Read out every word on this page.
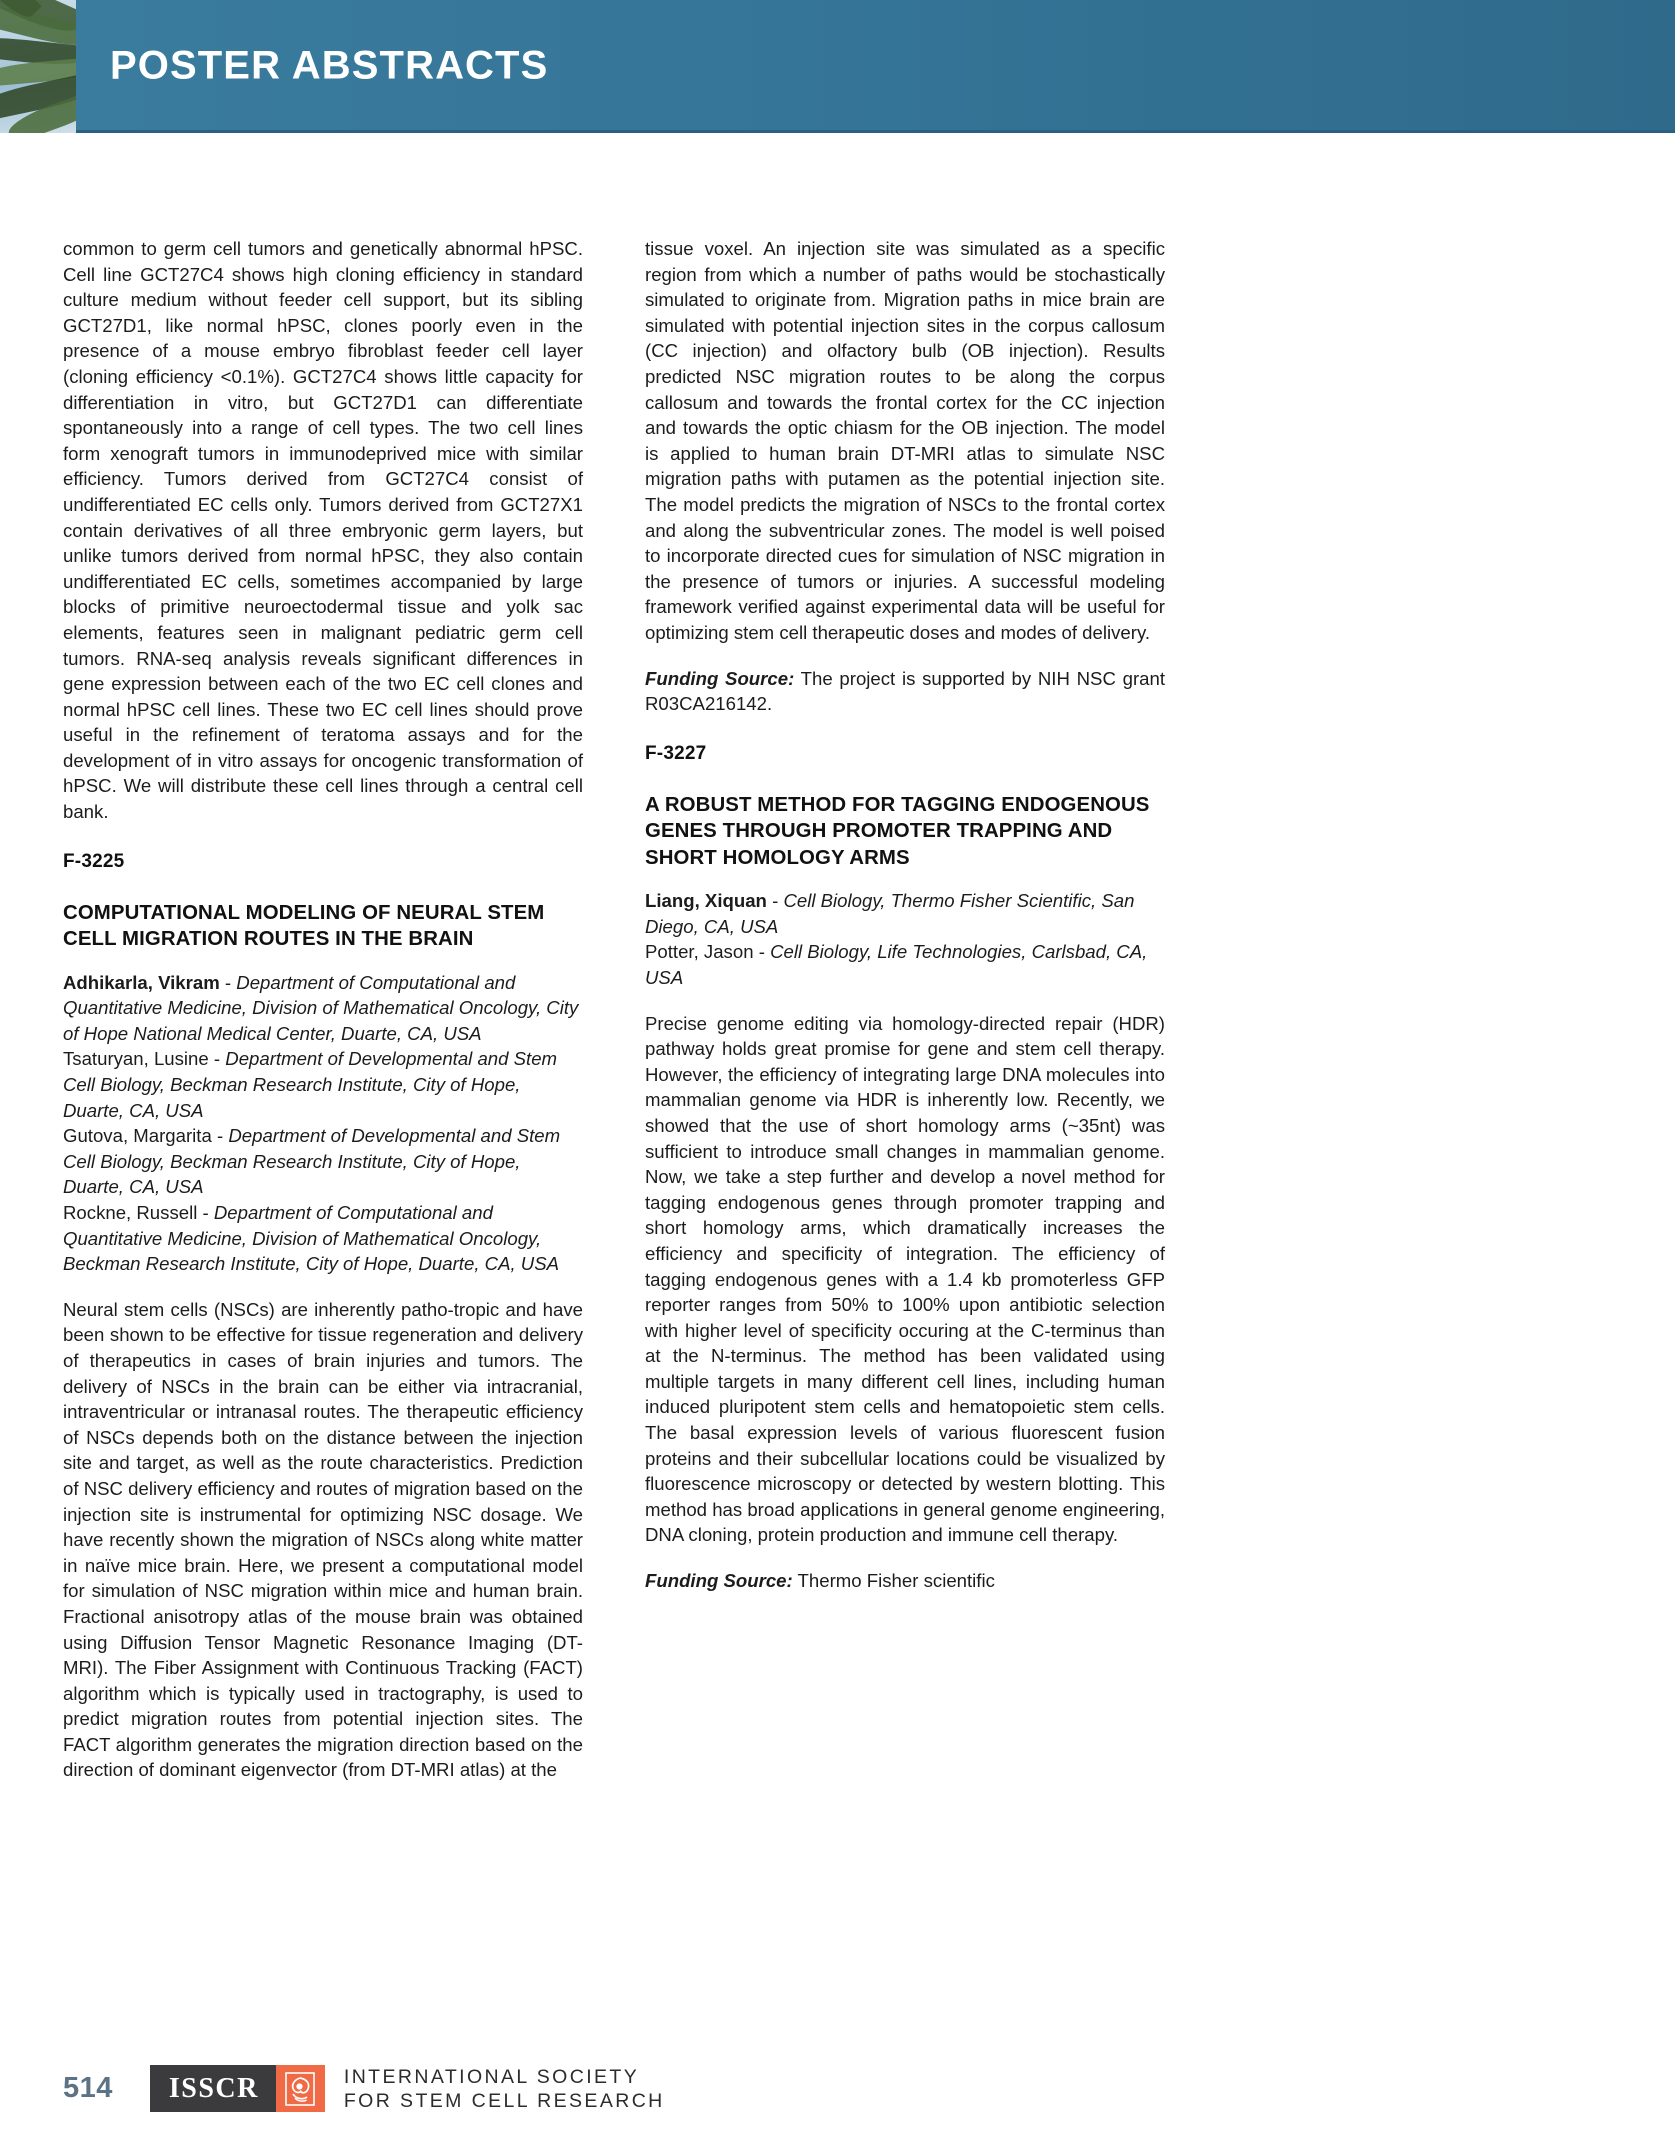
POSTER ABSTRACTS

common to germ cell tumors and genetically abnormal hPSC. Cell line GCT27C4 shows high cloning efficiency in standard culture medium without feeder cell support, but its sibling GCT27D1, like normal hPSC, clones poorly even in the presence of a mouse embryo fibroblast feeder cell layer (cloning efficiency <0.1%). GCT27C4 shows little capacity for differentiation in vitro, but GCT27D1 can differentiate spontaneously into a range of cell types. The two cell lines form xenograft tumors in immunodeprived mice with similar efficiency. Tumors derived from GCT27C4 consist of undifferentiated EC cells only. Tumors derived from GCT27X1 contain derivatives of all three embryonic germ layers, but unlike tumors derived from normal hPSC, they also contain undifferentiated EC cells, sometimes accompanied by large blocks of primitive neuroectodermal tissue and yolk sac elements, features seen in malignant pediatric germ cell tumors. RNA-seq analysis reveals significant differences in gene expression between each of the two EC cell clones and normal hPSC cell lines. These two EC cell lines should prove useful in the refinement of teratoma assays and for the development of in vitro assays for oncogenic transformation of hPSC. We will distribute these cell lines through a central cell bank.

F-3225
COMPUTATIONAL MODELING OF NEURAL STEM CELL MIGRATION ROUTES IN THE BRAIN
Adhikarla, Vikram - Department of Computational and Quantitative Medicine, Division of Mathematical Oncology, City of Hope National Medical Center, Duarte, CA, USA
Tsaturyan, Lusine - Department of Developmental and Stem Cell Biology, Beckman Research Institute, City of Hope, Duarte, CA, USA
Gutova, Margarita - Department of Developmental and Stem Cell Biology, Beckman Research Institute, City of Hope, Duarte, CA, USA
Rockne, Russell - Department of Computational and Quantitative Medicine, Division of Mathematical Oncology, Beckman Research Institute, City of Hope, Duarte, CA, USA

Neural stem cells (NSCs) are inherently patho-tropic and have been shown to be effective for tissue regeneration and delivery of therapeutics in cases of brain injuries and tumors. The delivery of NSCs in the brain can be either via intracranial, intraventricular or intranasal routes. The therapeutic efficiency of NSCs depends both on the distance between the injection site and target, as well as the route characteristics. Prediction of NSC delivery efficiency and routes of migration based on the injection site is instrumental for optimizing NSC dosage. We have recently shown the migration of NSCs along white matter in naïve mice brain. Here, we present a computational model for simulation of NSC migration within mice and human brain. Fractional anisotropy atlas of the mouse brain was obtained using Diffusion Tensor Magnetic Resonance Imaging (DT-MRI). The Fiber Assignment with Continuous Tracking (FACT) algorithm which is typically used in tractography, is used to predict migration routes from potential injection sites. The FACT algorithm generates the migration direction based on the direction of dominant eigenvector (from DT-MRI atlas) at the

tissue voxel. An injection site was simulated as a specific region from which a number of paths would be stochastically simulated to originate from. Migration paths in mice brain are simulated with potential injection sites in the corpus callosum (CC injection) and olfactory bulb (OB injection). Results predicted NSC migration routes to be along the corpus callosum and towards the frontal cortex for the CC injection and towards the optic chiasm for the OB injection. The model is applied to human brain DT-MRI atlas to simulate NSC migration paths with putamen as the potential injection site. The model predicts the migration of NSCs to the frontal cortex and along the subventricular zones. The model is well poised to incorporate directed cues for simulation of NSC migration in the presence of tumors or injuries. A successful modeling framework verified against experimental data will be useful for optimizing stem cell therapeutic doses and modes of delivery.

Funding Source: The project is supported by NIH NSC grant R03CA216142.

F-3227
A ROBUST METHOD FOR TAGGING ENDOGENOUS GENES THROUGH PROMOTER TRAPPING AND SHORT HOMOLOGY ARMS
Liang, Xiquan - Cell Biology, Thermo Fisher Scientific, San Diego, CA, USA
Potter, Jason - Cell Biology, Life Technologies, Carlsbad, CA, USA

Precise genome editing via homology-directed repair (HDR) pathway holds great promise for gene and stem cell therapy. However, the efficiency of integrating large DNA molecules into mammalian genome via HDR is inherently low. Recently, we showed that the use of short homology arms (~35nt) was sufficient to introduce small changes in mammalian genome. Now, we take a step further and develop a novel method for tagging endogenous genes through promoter trapping and short homology arms, which dramatically increases the efficiency and specificity of integration. The efficiency of tagging endogenous genes with a 1.4 kb promoterless GFP reporter ranges from 50% to 100% upon antibiotic selection with higher level of specificity occuring at the C-terminus than at the N-terminus. The method has been validated using multiple targets in many different cell lines, including human induced pluripotent stem cells and hematopoietic stem cells. The basal expression levels of various fluorescent fusion proteins and their subcellular locations could be visualized by fluorescence microscopy or detected by western blotting. This method has broad applications in general genome engineering, DNA cloning, protein production and immune cell therapy.

Funding Source: Thermo Fisher scientific

514	ISSCR	INTERNATIONAL SOCIETY
FOR STEM CELL RESEARCH
